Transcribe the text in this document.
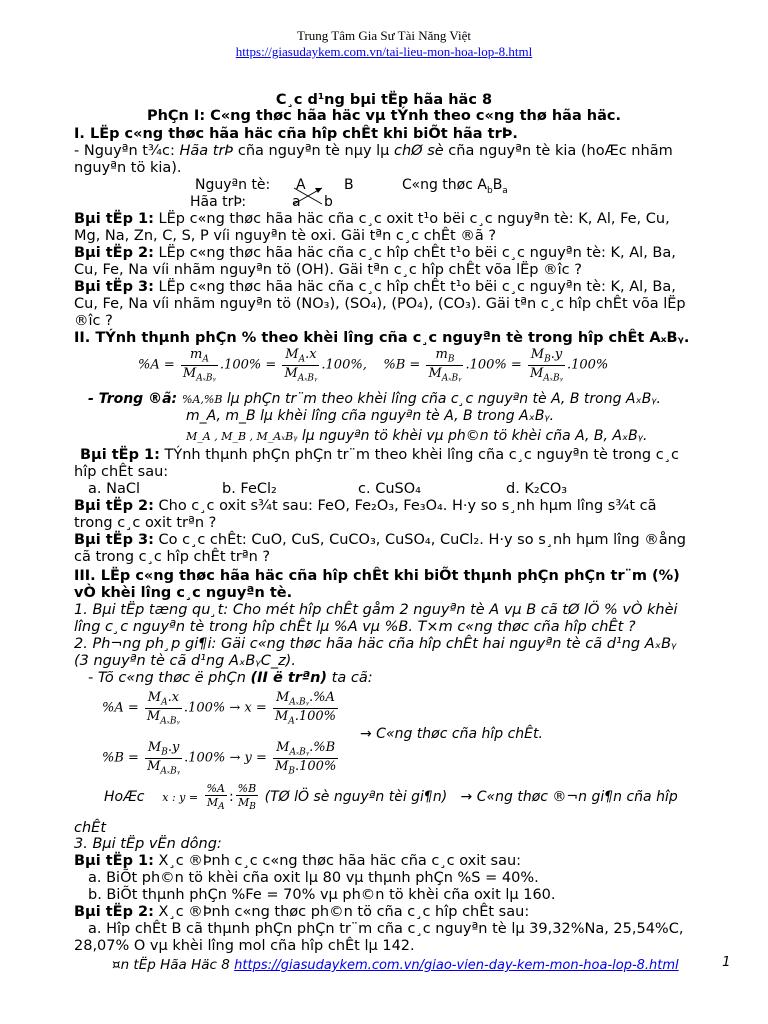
Trung Tâm Gia Sư Tài Năng Việt
https://giasudaykem.com.vn/tai-lieu-mon-hoa-lop-8.html
C¸c d¹ng bµi tËp hãa häc 8
PhÇn I: C«ng thøc hãa häc vµ tÝnh theo c«ng thø hãa häc.
I. LËp c«ng thøc hãa häc cña hîp chÊt khi biÕt hãa trÞ.
- Nguyªn t¾c: Hãa trÞ cña nguyªn tè nµy lµ chØ sè cña nguyªn tè kia (hoÆc nhãm
nguyªn tö kia).
Nguyªn tè: A	B	C«ng thøc $A_bB_a$
Hãa trÞ:	a b
Bµi tËp 1: LËp c«ng thøc hãa häc cña c¸c oxit t¹o bëi c¸c nguyªn tè: K, Al, Fe, Cu,
Mg, Na, Zn, C, S, P víi nguyªn tè oxi. Gäi tªn c¸c chÊt ®ã ?
Bµi tËp 2: LËp c«ng thøc hãa häc cña c¸c hîp chÊt t¹o bëi c¸c nguyªn tè: K, Al, Ba,
Cu, Fe, Na víi nhãm nguyªn tö (OH). Gäi tªn c¸c hîp chÊt võa lËp ®îc ?
Bµi tËp 3: LËp c«ng thøc hãa häc cña c¸c hîp chÊt t¹o bëi c¸c nguyªn tè: K, Al, Ba,
Cu, Fe, Na víi nhãm nguyªn tö (NO₃), (SO₄), (PO₄), (CO₃). Gäi tªn c¸c hîp chÊt võa lËp
®îc ?
II. TÝnh thµnh phÇn % theo khèi lîng cña c¸c nguyªn tè trong hîp chÊt AₓBᵧ.
$\%A = \frac{m_A}{M_{A_xBᵧ}} .100\% = \frac{M_A.x}{M_{A_xBᵧ}} .100\%$, $\%B = \frac{m_B}{M_{A_xBᵧ}} .100\% = \frac{M_B.y}{M_{A_xBᵧ}} .100\%$
- Trong ®ã: %A,%B lµ phÇn tr¨m theo khèi lîng cña c¸c nguyªn tè A, B trong AₓBᵧ.
m_A, m_B lµ khèi lîng cña nguyªn tè A, B trong AₓBᵧ.
M_A , M_B , M_AₓBᵧ lµ nguyªn tö khèi vµ ph©n tö khèi cña A, B, AₓBᵧ.
Bµi tËp 1: TÝnh thµnh phÇn phÇn tr¨m theo khèi lîng cña c¸c nguyªn tè trong c¸c
hîp chÊt sau:
a. NaCl	b. FeCl₂	c. CuSO₄	d. K₂CO₃
Bµi tËp 2: Cho c¸c oxit s¾t sau: FeO, Fe₂O₃, Fe₃O₄. H·y so s¸nh hµm lîng s¾t cã
trong c¸c oxit trªn ?
Bµi tËp 3: Co c¸c chÊt: CuO, CuS, CuCO₃, CuSO₄, CuCl₂. H·y so s¸nh hµm lîng ®ång
cã trong c¸c hîp chÊt trªn ?
III. LËp c«ng thøc hãa häc cña hîp chÊt khi biÕt thµnh phÇn phÇn tr¨m (%)
vÒ khèi lîng c¸c nguyªn tè.
1. Bµi tËp tæng qu¸t: Cho mét hîp chÊt gåm 2 nguyªn tè A vµ B cã tØ lÖ % vÒ khèi
lîng c¸c nguyªn tè trong hîp chÊt lµ %A vµ %B. T×m c«ng thøc cña hîp chÊt ?
2. Ph¬ng ph¸p gi¶i: Gäi c«ng thøc hãa häc cña hîp chÊt hai nguyªn tè cã d¹ng AₓBᵧ
(3 nguyªn tè cã d¹ng AₓBᵧC_z).
- Tõ c«ng thøc ë phÇn (II ë trªn) ta cã:
$\%A = \frac{M_A.x}{M_{A_xBᵧ}} .100\% \to x = \frac{M_{A_xBᵧ}.\%A}{M_A.100\%}$
→ C«ng thøc cña hîp chÊt.
$\%B = \frac{M_B.y}{M_{A_xBᵧ}} .100\% \to y = \frac{M_{A_xBᵧ}.\%B}{M_B.100\%}$
HoÆc x : $y = \frac{\%A}{M_A}$ : $\frac{\%B}{M_B}$ (TØ lÖ sè nguyªn tèi gi¶n) → C«ng thøc ®¬n gi¶n cña hîp
chÊt
3. Bµi tËp vËn dông:
Bµi tËp 1: X¸c ®Þnh c¸c c«ng thøc hãa häc cña c¸c oxit sau:
a. BiÕt ph©n tö khèi cña oxit lµ 80 vµ thµnh phÇn %S = 40%.
b. BiÕt thµnh phÇn %Fe = 70% vµ ph©n tö khèi cña oxit lµ 160.
Bµi tËp 2: X¸c ®Þnh c«ng thøc ph©n tö cña c¸c hîp chÊt sau:
a. Hîp chÊt B cã thµnh phÇn phÇn tr¨m cña c¸c nguyªn tè lµ 39,32%Na, 25,54%C,
28,07% O vµ khèi lîng mol cña hîp chÊt lµ 142.
¤n tËp Hãa Häc 8 https://giasudaykem.com.vn/giao-vien-day-kem-mon-hoa-lop-8.html	1
